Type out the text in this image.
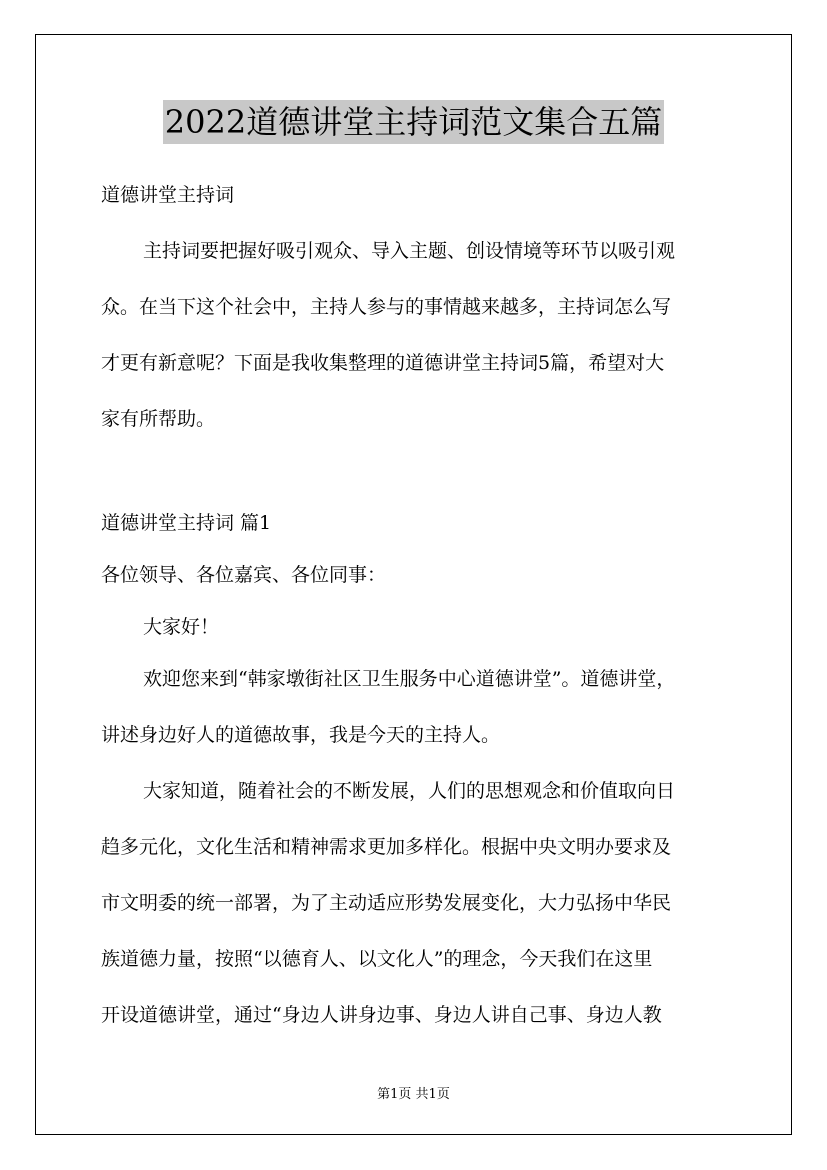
2022道德讲堂主持词范文集合五篇
道德讲堂主持词
主持词要把握好吸引观众、导入主题、创设情境等环节以吸引观
众。在当下这个社会中，主持人参与的事情越来越多，主持词怎么写
才更有新意呢？下面是我收集整理的道德讲堂主持词5篇，希望对大
家有所帮助。
道德讲堂主持词 篇1
各位领导、各位嘉宾、各位同事：
大家好！
欢迎您来到“韩家墩街社区卫生服务中心道德讲堂”。道德讲堂，
讲述身边好人的道德故事，我是今天的主持人。
大家知道，随着社会的不断发展，人们的思想观念和价值取向日
趋多元化，文化生活和精神需求更加多样化。根据中央文明办要求及
市文明委的统一部署，为了主动适应形势发展变化，大力弘扬中华民
族道德力量，按照“以德育人、以文化人”的理念，今天我们在这里
开设道德讲堂，通过“身边人讲身边事、身边人讲自己事、身边人教
第1页 共1页
